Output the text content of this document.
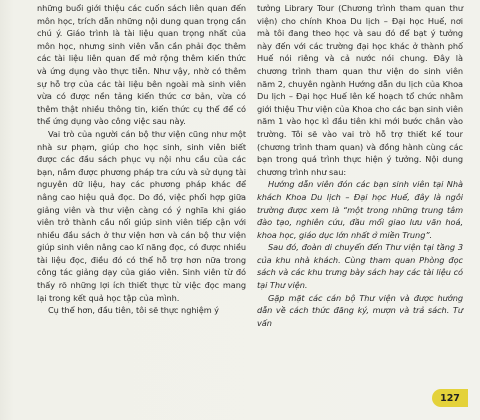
những buổi giới thiệu các cuốn sách liên quan đến môn học, trích dẫn những nội dung quan trọng cần chú ý. Giáo trình là tài liệu quan trọng nhất của môn học, nhưng sinh viên vẫn cần phải đọc thêm các tài liệu liên quan để mở rộng thêm kiến thức và ứng dụng vào thực tiễn. Như vậy, nhờ có thêm sự hỗ trợ của các tài liệu bên ngoài mà sinh viên vừa có được nền tảng kiến thức cơ bản, vừa có thêm thật nhiều thông tin, kiến thức cụ thể để có thể ứng dụng vào công việc sau này.

Vai trò của người cán bộ thư viện cũng như một nhà sư phạm, giúp cho học sinh, sinh viên biết được các đầu sách phục vụ nội nhu cầu của các bạn, nắm được phương pháp tra cứu và sử dụng tài nguyên dữ liệu, hay các phương pháp khác để nâng cao hiệu quả đọc. Do đó, việc phối hợp giữa giảng viên và thư viện càng có ý nghĩa khi giáo viên trở thành cầu nối giúp sinh viên tiếp cận với nhiều đầu sách ở thư viện hơn và cán bộ thư viện giúp sinh viên nâng cao kĩ năng đọc, có được nhiều tài liệu đọc, điều đó có thể hỗ trợ hơn nữa trong công tác giảng dạy của giáo viên. Sinh viên từ đó thấy rõ những lợi ích thiết thực từ việc đọc mang lại trong kết quả học tập của mình.

Cụ thể hơn, đầu tiên, tôi sẽ thực nghiệm ý

tưởng Library Tour (Chương trình tham quan thư viện) cho chính Khoa Du lịch – Đại học Huế, nơi mà tôi đang theo học và sau đó để bạt ý tưởng này đến với các trường đại học khác ở thành phố Huế nói riêng và cả nước nói chung. Đây là chương trình tham quan thư viện do sinh viên năm 2, chuyên ngành Hướng dẫn du lịch của Khoa Du lịch – Đại học Huế lên kế hoạch tổ chức nhằm giới thiệu Thư viện của Khoa cho các bạn sinh viên năm 1 vào học kì đầu tiên khi mới bước chân vào trường. Tôi sẽ vào vai trò hỗ trợ thiết kế tour (chương trình tham quan) và đồng hành cùng các bạn trong quá trình thực hiện ý tưởng. Nội dung chương trình như sau:

Hướng dẫn viên đón các bạn sinh viên tại Nhà khách Khoa Du lịch – Đại học Huế, đây là ngôi trường được xem là “một trong những trung tâm đào tạo, nghiên cứu, đầu mối giao lưu văn hoá, khoa học, giáo dục lớn nhất ở miền Trung”.

Sau đó, đoàn di chuyển đến Thư viện tại tầng 3 của khu nhà khách. Cùng tham quan Phòng đọc sách và các khu trưng bày sách hay các tài liệu có tại Thư viện.

Gặp mặt các cán bộ Thư viện và được hướng dẫn về cách thức đăng ký, mượn và trả sách. Tư vấn

127
